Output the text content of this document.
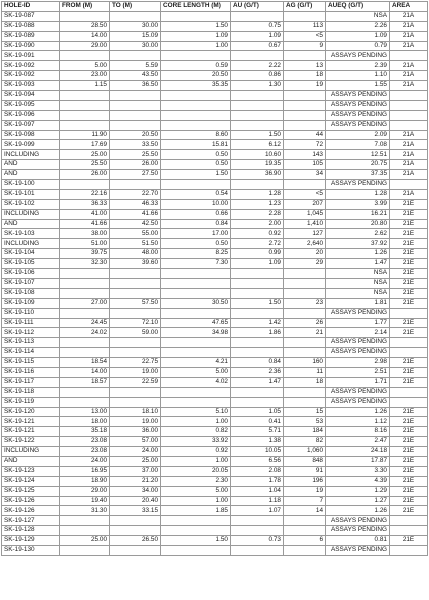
HOLE-ID	FROM (M)	TO (M)	CORE LENGTH (M)	AU (G/T)	AG (G/T)	AUEQ (G/T)	AREA
SK-19-087						NSA	21A
SK-19-088	28.50	30.00	1.50	0.75	113	2.26	21A
SK-19-089	14.00	15.09	1.09	1.09	<5	1.09	21A
SK-19-090	29.00	30.00	1.00	0.67	9	0.79	21A
SK-19-091						ASSAYS PENDING	
SK-19-092	5.00	5.59	0.59	2.22	13	2.39	21A
SK-19-092	23.00	43.50	20.50	0.86	18	1.10	21A
SK-19-093	1.15	36.50	35.35	1.30	19	1.55	21A
SK-19-094						ASSAYS PENDING	
SK-19-095						ASSAYS PENDING	
SK-19-096						ASSAYS PENDING	
SK-19-097						ASSAYS PENDING	
SK-19-098	11.90	20.50	8.60	1.50	44	2.09	21A
SK-19-099	17.69	33.50	15.81	6.12	72	7.08	21A
INCLUDING	25.00	25.50	0.50	10.60	143	12.51	21A
AND	25.50	26.00	0.50	19.35	105	20.75	21A
AND	26.00	27.50	1.50	36.90	34	37.35	21A
SK-19-100						ASSAYS PENDING	
SK-19-101	22.16	22.70	0.54	1.28	<5	1.28	21A
SK-19-102	36.33	46.33	10.00	1.23	207	3.99	21E
INCLUDING	41.00	41.66	0.66	2.28	1,045	16.21	21E
AND	41.66	42.50	0.84	2.00	1,410	20.80	21E
SK-19-103	38.00	55.00	17.00	0.92	127	2.62	21E
INCLUDING	51.00	51.50	0.50	2.72	2,640	37.92	21E
SK-19-104	39.75	48.00	8.25	0.99	20	1.26	21E
SK-19-105	32.30	39.60	7.30	1.09	29	1.47	21E
SK-19-106						NSA	21E
SK-19-107						NSA	21E
SK-19-108						NSA	21E
SK-19-109	27.00	57.50	30.50	1.50	23	1.81	21E
SK-19-110						ASSAYS PENDING	
SK-19-111	24.45	72.10	47.65	1.42	26	1.77	21E
SK-19-112	24.02	59.00	34.98	1.86	21	2.14	21E
SK-19-113						ASSAYS PENDING	
SK-19-114						ASSAYS PENDING	
SK-19-115	18.54	22.75	4.21	0.84	160	2.98	21E
SK-19-116	14.00	19.00	5.00	2.36	11	2.51	21E
SK-19-117	18.57	22.59	4.02	1.47	18	1.71	21E
SK-19-118						ASSAYS PENDING	
SK-19-119						ASSAYS PENDING	
SK-19-120	13.00	18.10	5.10	1.05	15	1.26	21E
SK-19-121	18.00	19.00	1.00	0.41	53	1.12	21E
SK-19-121	35.18	36.00	0.82	5.71	184	8.16	21E
SK-19-122	23.08	57.00	33.92	1.38	82	2.47	21E
INCLUDING	23.08	24.00	0.92	10.05	1,060	24.18	21E
AND	24.00	25.00	1.00	6.56	848	17.87	21E
SK-19-123	16.95	37.00	20.05	2.08	91	3.30	21E
SK-19-124	18.90	21.20	2.30	1.78	196	4.39	21E
SK-19-125	29.00	34.00	5.00	1.04	19	1.29	21E
SK-19-126	19.40	20.40	1.00	1.18	7	1.27	21E
SK-19-126	31.30	33.15	1.85	1.07	14	1.26	21E
SK-19-127						ASSAYS PENDING	
SK-19-128						ASSAYS PENDING	
SK-19-129	25.00	26.50	1.50	0.73	6	0.81	21E
SK-19-130						ASSAYS PENDING	
